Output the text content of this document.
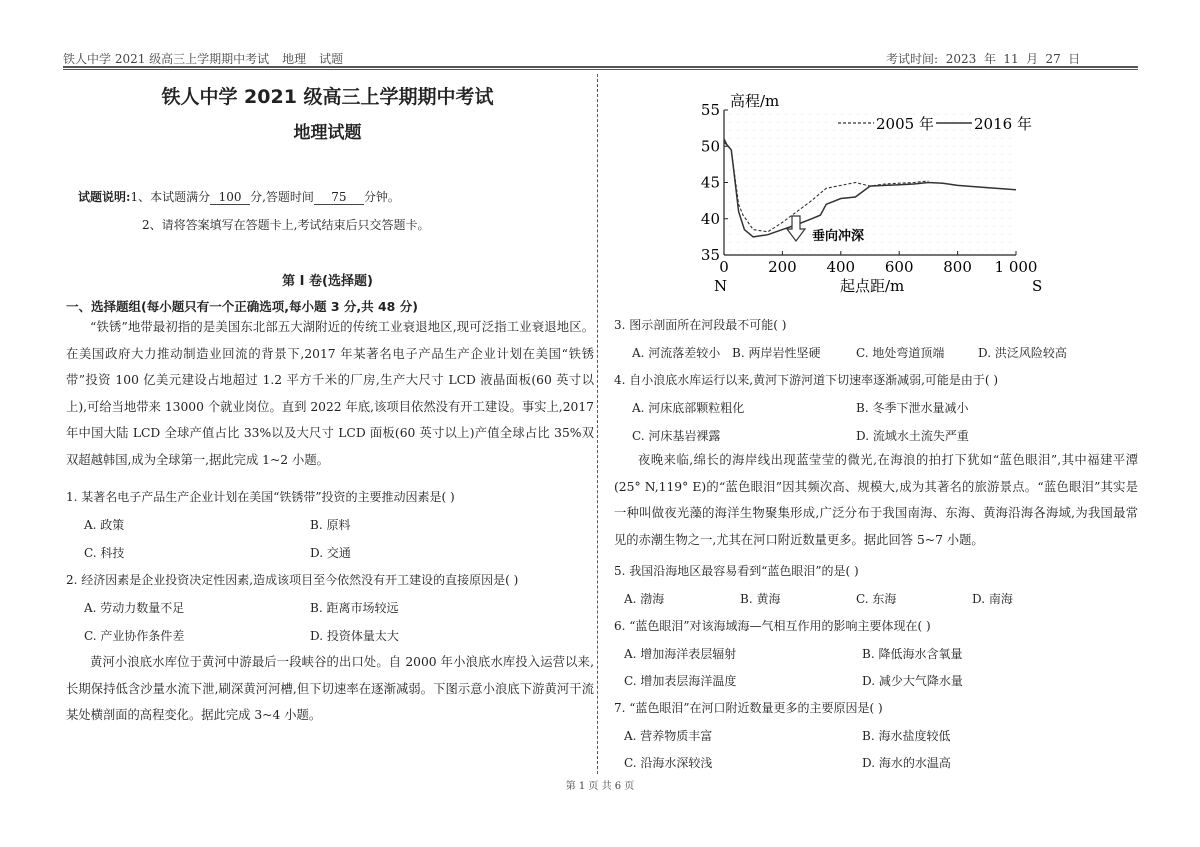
铁人中学 2021 级高三上学期期中考试 地理 试题	考试时间: 2023 年 11 月 27 日
铁人中学 2021 级高三上学期期中考试
地理试题
试题说明:1、本试题满分 100 分,答题时间 75 分钟。
2、请将答案填写在答题卡上,考试结束后只交答题卡。
第 I 卷(选择题)
一、选择题组(每小题只有一个正确选项,每小题 3 分,共 48 分)
“铁锈”地带最初指的是美国东北部五大湖附近的传统工业衰退地区,现可泛指工业衰退地区。在美国政府大力推动制造业回流的背景下,2017 年某著名电子产品生产企业计划在美国“铁锈带”投资 100 亿美元建设占地超过 1.2 平方千米的厂房,生产大尺寸 LCD 液晶面板(60 英寸以上),可给当地带来 13000 个就业岗位。直到 2022 年底,该项目依然没有开工建设。事实上,2017 年中国大陆 LCD 全球产值占比 33%以及大尺寸 LCD 面板(60 英寸以上)产值全球占比 35%双双超越韩国,成为全球第一,据此完成 1~2 小题。
1. 某著名电子产品生产企业计划在美国“铁锈带”投资的主要推动因素是( )
A. 政策	B. 原料
C. 科技	D. 交通
2. 经济因素是企业投资决定性因素,造成该项目至今依然没有开工建设的直接原因是( )
A. 劳动力数量不足	B. 距离市场较远
C. 产业协作条件差	D. 投资体量太大
黄河小浪底水库位于黄河中游最后一段峡谷的出口处。自 2000 年小浪底水库投入运营以来,长期保持低含沙量水流下泄,刷深黄河河槽,但下切速率在逐渐减弱。下图示意小浪底下游黄河干流某处横剖面的高程变化。据此完成 3~4 小题。
35
40
45
50
55
0	200 400 600 800 1 000
高程/m
起点距/m
N	S
2005 年	2016 年
垂向冲深
3. 图示剖面所在河段最不可能( )
A. 河流落差较小 B. 两岸岩性坚硬	C. 地处弯道顶端	D. 洪泛风险较高
4. 自小浪底水库运行以来,黄河下游河道下切速率逐渐减弱,可能是由于( )
A. 河床底部颗粒粗化	B. 冬季下泄水量减小
C. 河床基岩裸露	D. 流域水土流失严重
夜晚来临,绵长的海岸线出现蓝莹莹的微光,在海浪的拍打下犹如“蓝色眼泪”,其中福建平潭(25° N,119° E)的“蓝色眼泪”因其频次高、规模大,成为其著名的旅游景点。“蓝色眼泪”其实是一种叫做夜光藻的海洋生物聚集形成,广泛分布于我国南海、东海、黄海沿海各海域,为我国最常见的赤潮生物之一,尤其在河口附近数量更多。据此回答 5~7 小题。
5. 我国沿海地区最容易看到“蓝色眼泪”的是( )
A. 渤海	B. 黄海	C. 东海	D. 南海
6. “蓝色眼泪”对该海域海—气相互作用的影响主要体现在( )
A. 增加海洋表层辐射	B. 降低海水含氧量
C. 增加表层海洋温度	D. 减少大气降水量
7. “蓝色眼泪”在河口附近数量更多的主要原因是( )
A. 营养物质丰富	B. 海水盐度较低
C. 沿海水深较浅	D. 海水的水温高
第 1 页 共 6 页
